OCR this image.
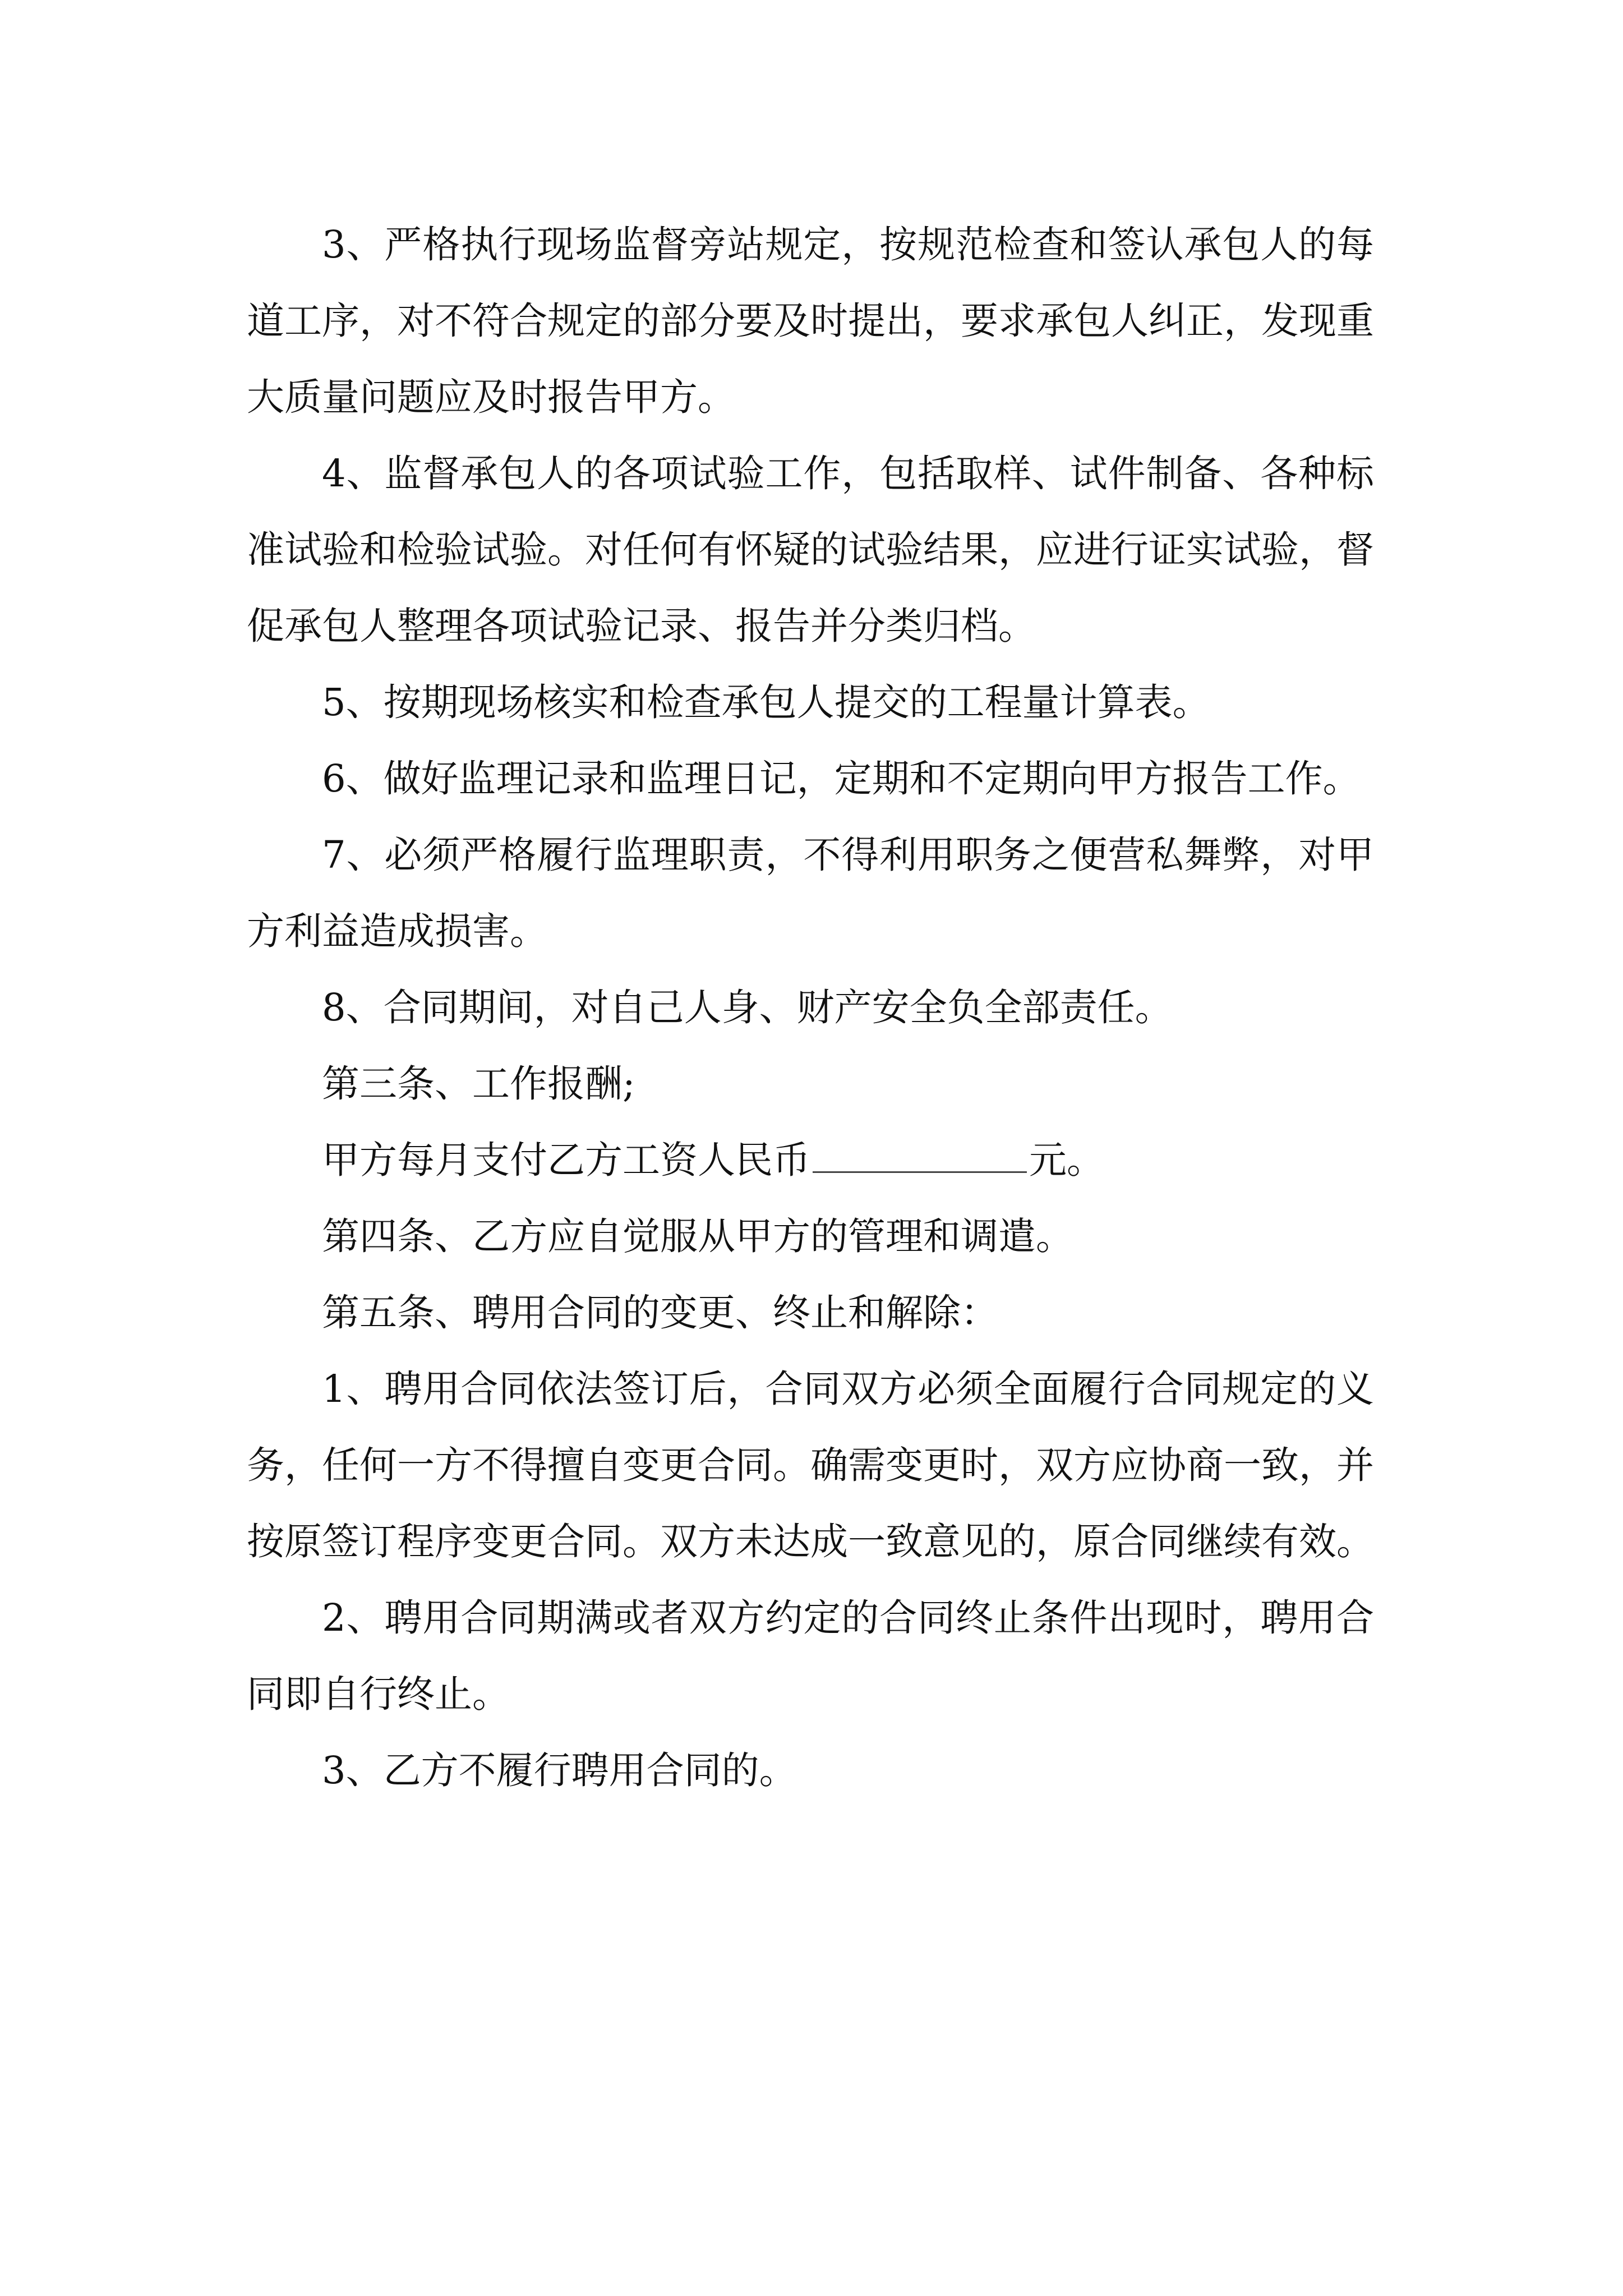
3、严格执行现场监督旁站规定，按规范检查和签认承包人的每道工序，对不符合规定的部分要及时提出，要求承包人纠正，发现重大质量问题应及时报告甲方。

4、监督承包人的各项试验工作，包括取样、试件制备、各种标准试验和检验试验。对任何有怀疑的试验结果，应进行证实试验，督促承包人整理各项试验记录、报告并分类归档。

5、按期现场核实和检查承包人提交的工程量计算表。

6、做好监理记录和监理日记，定期和不定期向甲方报告工作。

7、必须严格履行监理职责，不得利用职务之便营私舞弊，对甲方利益造成损害。

8、合同期间，对自己人身、财产安全负全部责任。

第三条、工作报酬;

甲方每月支付乙方工资人民币	元。

第四条、乙方应自觉服从甲方的管理和调遣。

第五条、聘用合同的变更、终止和解除：

1、聘用合同依法签订后，合同双方必须全面履行合同规定的义务，任何一方不得擅自变更合同。确需变更时，双方应协商一致，并按原签订程序变更合同。双方未达成一致意见的，原合同继续有效。

2、聘用合同期满或者双方约定的合同终止条件出现时，聘用合同即自行终止。

3、乙方不履行聘用合同的。
